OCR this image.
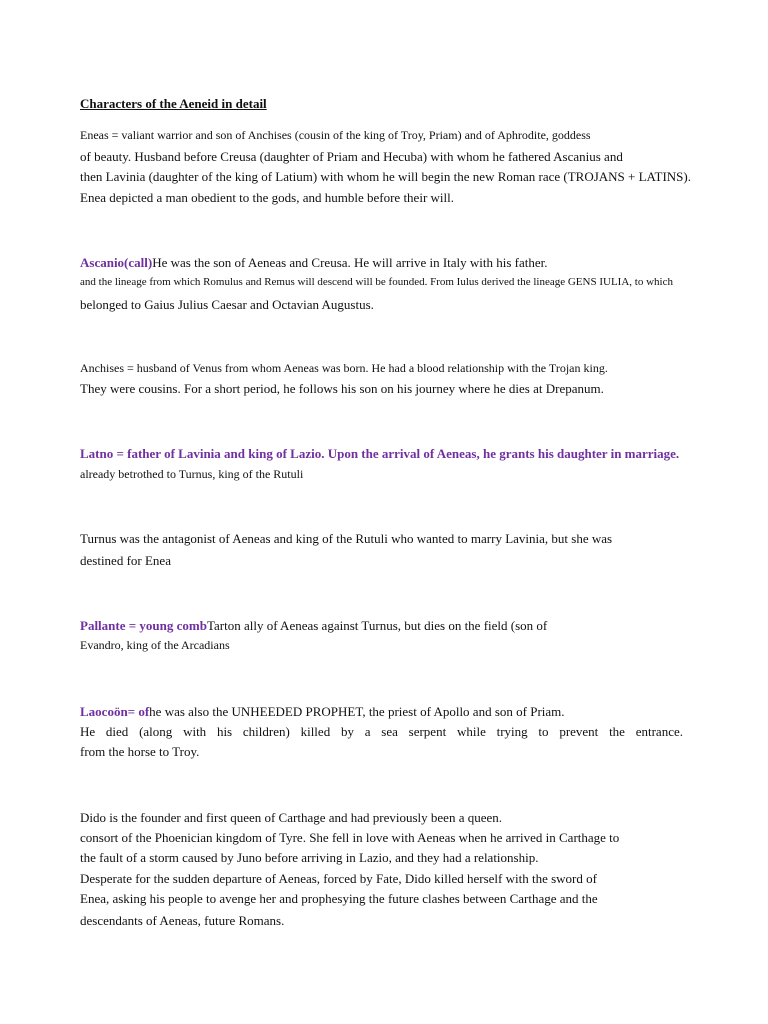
Characters of the Aeneid in detail
Eneas = valiant warrior and son of Anchises (cousin of the king of Troy, Priam) and of Aphrodite, goddess
of beauty. Husband before Creusa (daughter of Priam and Hecuba) with whom he fathered Ascanius and
then Lavinia (daughter of the king of Latium) with whom he will begin the new Roman race (TROJANS + LATINS).
Enea depicted a man obedient to the gods, and humble before their will.
Ascanio(call)He was the son of Aeneas and Creusa. He will arrive in Italy with his father.
and the lineage from which Romulus and Remus will descend will be founded. From Iulus derived the lineage GENS IULIA, to which
belonged to Gaius Julius Caesar and Octavian Augustus.
Anchises = husband of Venus from whom Aeneas was born. He had a blood relationship with the Trojan king.
They were cousins. For a short period, he follows his son on his journey where he dies at Drepanum.
Latno = father of Lavinia and king of Lazio. Upon the arrival of Aeneas, he grants his daughter in marriage.
already betrothed to Turnus, king of the Rutuli
Turnus was the antagonist of Aeneas and king of the Rutuli who wanted to marry Lavinia, but she was
destined for Enea
Pallante = young combTarton ally of Aeneas against Turnus, but dies on the field (son of
Evandro, king of the Arcadians
Laocoön= ofhe was also the UNHEEDED PROPHET, the priest of Apollo and son of Priam.
He died (along with his children) killed by a sea serpent while trying to prevent the entrance.
from the horse to Troy.
Dido is the founder and first queen of Carthage and had previously been a queen.
consort of the Phoenician kingdom of Tyre. She fell in love with Aeneas when he arrived in Carthage to
the fault of a storm caused by Juno before arriving in Lazio, and they had a relationship.
Desperate for the sudden departure of Aeneas, forced by Fate, Dido killed herself with the sword of
Enea, asking his people to avenge her and prophesying the future clashes between Carthage and the
descendants of Aeneas, future Romans.
